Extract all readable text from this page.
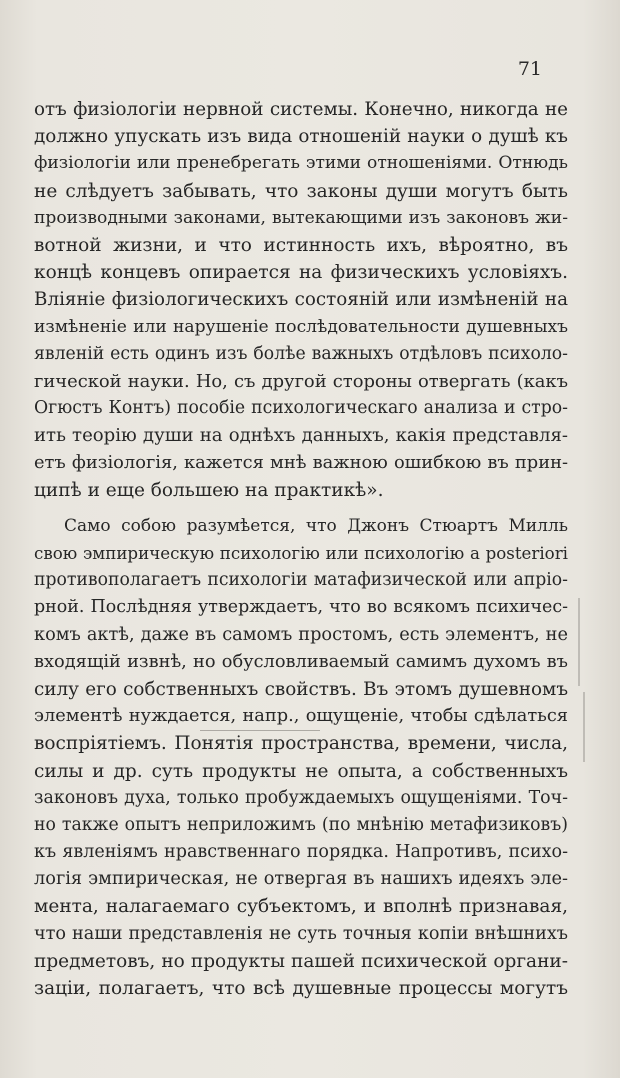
71
отъ физіологіи нервной системы. Конечно, никогда не
должно упускать изъ вида отношеній науки о душѣ къ
физіологіи или пренебрегать этими отношеніями. Отнюдь
не слѣдуетъ забывать, что законы души могутъ быть
производными законами, вытекающими изъ законовъ жи-
вотной жизни, и что истинность ихъ, вѣроятно, въ
концѣ концевъ опирается на физическихъ условіяхъ.
Вліяніе физіологическихъ состояній или измѣненій на
измѣненіе или нарушеніе послѣдовательности душевныхъ
явленій есть одинъ изъ болѣе важныхъ отдѣловъ психоло-
гической науки. Но, съ другой стороны отвергать (какъ
Огюстъ Контъ) пособіе психологическаго анализа и стро-
ить теорію души на однѣхъ данныхъ, какія представля-
етъ физіологія, кажется мнѣ важною ошибкою въ прин-
ципѣ и еще большею на практикѣ».
Само собою разумѣется, что Джонъ Стюартъ Милль
свою эмпирическую психологію или психологію a posteriori
противополагаетъ психологіи матафизической или апріо-
рной. Послѣдняя утверждаетъ, что во всякомъ психичес-
комъ актѣ, даже въ самомъ простомъ, есть элементъ, не
входящій извнѣ, но обусловливаемый самимъ духомъ въ
силу его собственныхъ свойствъ. Въ этомъ душевномъ
элементѣ нуждается, напр., ощущеніе, чтобы сдѣлаться
воспріятіемъ. Понятія пространства, времени, числа,
силы и др. суть продукты не опыта, а собственныхъ
законовъ духа, только пробуждаемыхъ ощущеніями. Точ-
но также опытъ неприложимъ (по мнѣнію метафизиковъ)
къ явленіямъ нравственнаго порядка. Напротивъ, психо-
логія эмпирическая, не отвергая въ нашихъ идеяхъ эле-
мента, налагаемаго субъектомъ, и вполнѣ признавая,
что наши представленія не суть точныя копіи внѣшнихъ
предметовъ, но продукты пашей психической органи-
заціи, полагаетъ, что всѣ душевные процессы могутъ
